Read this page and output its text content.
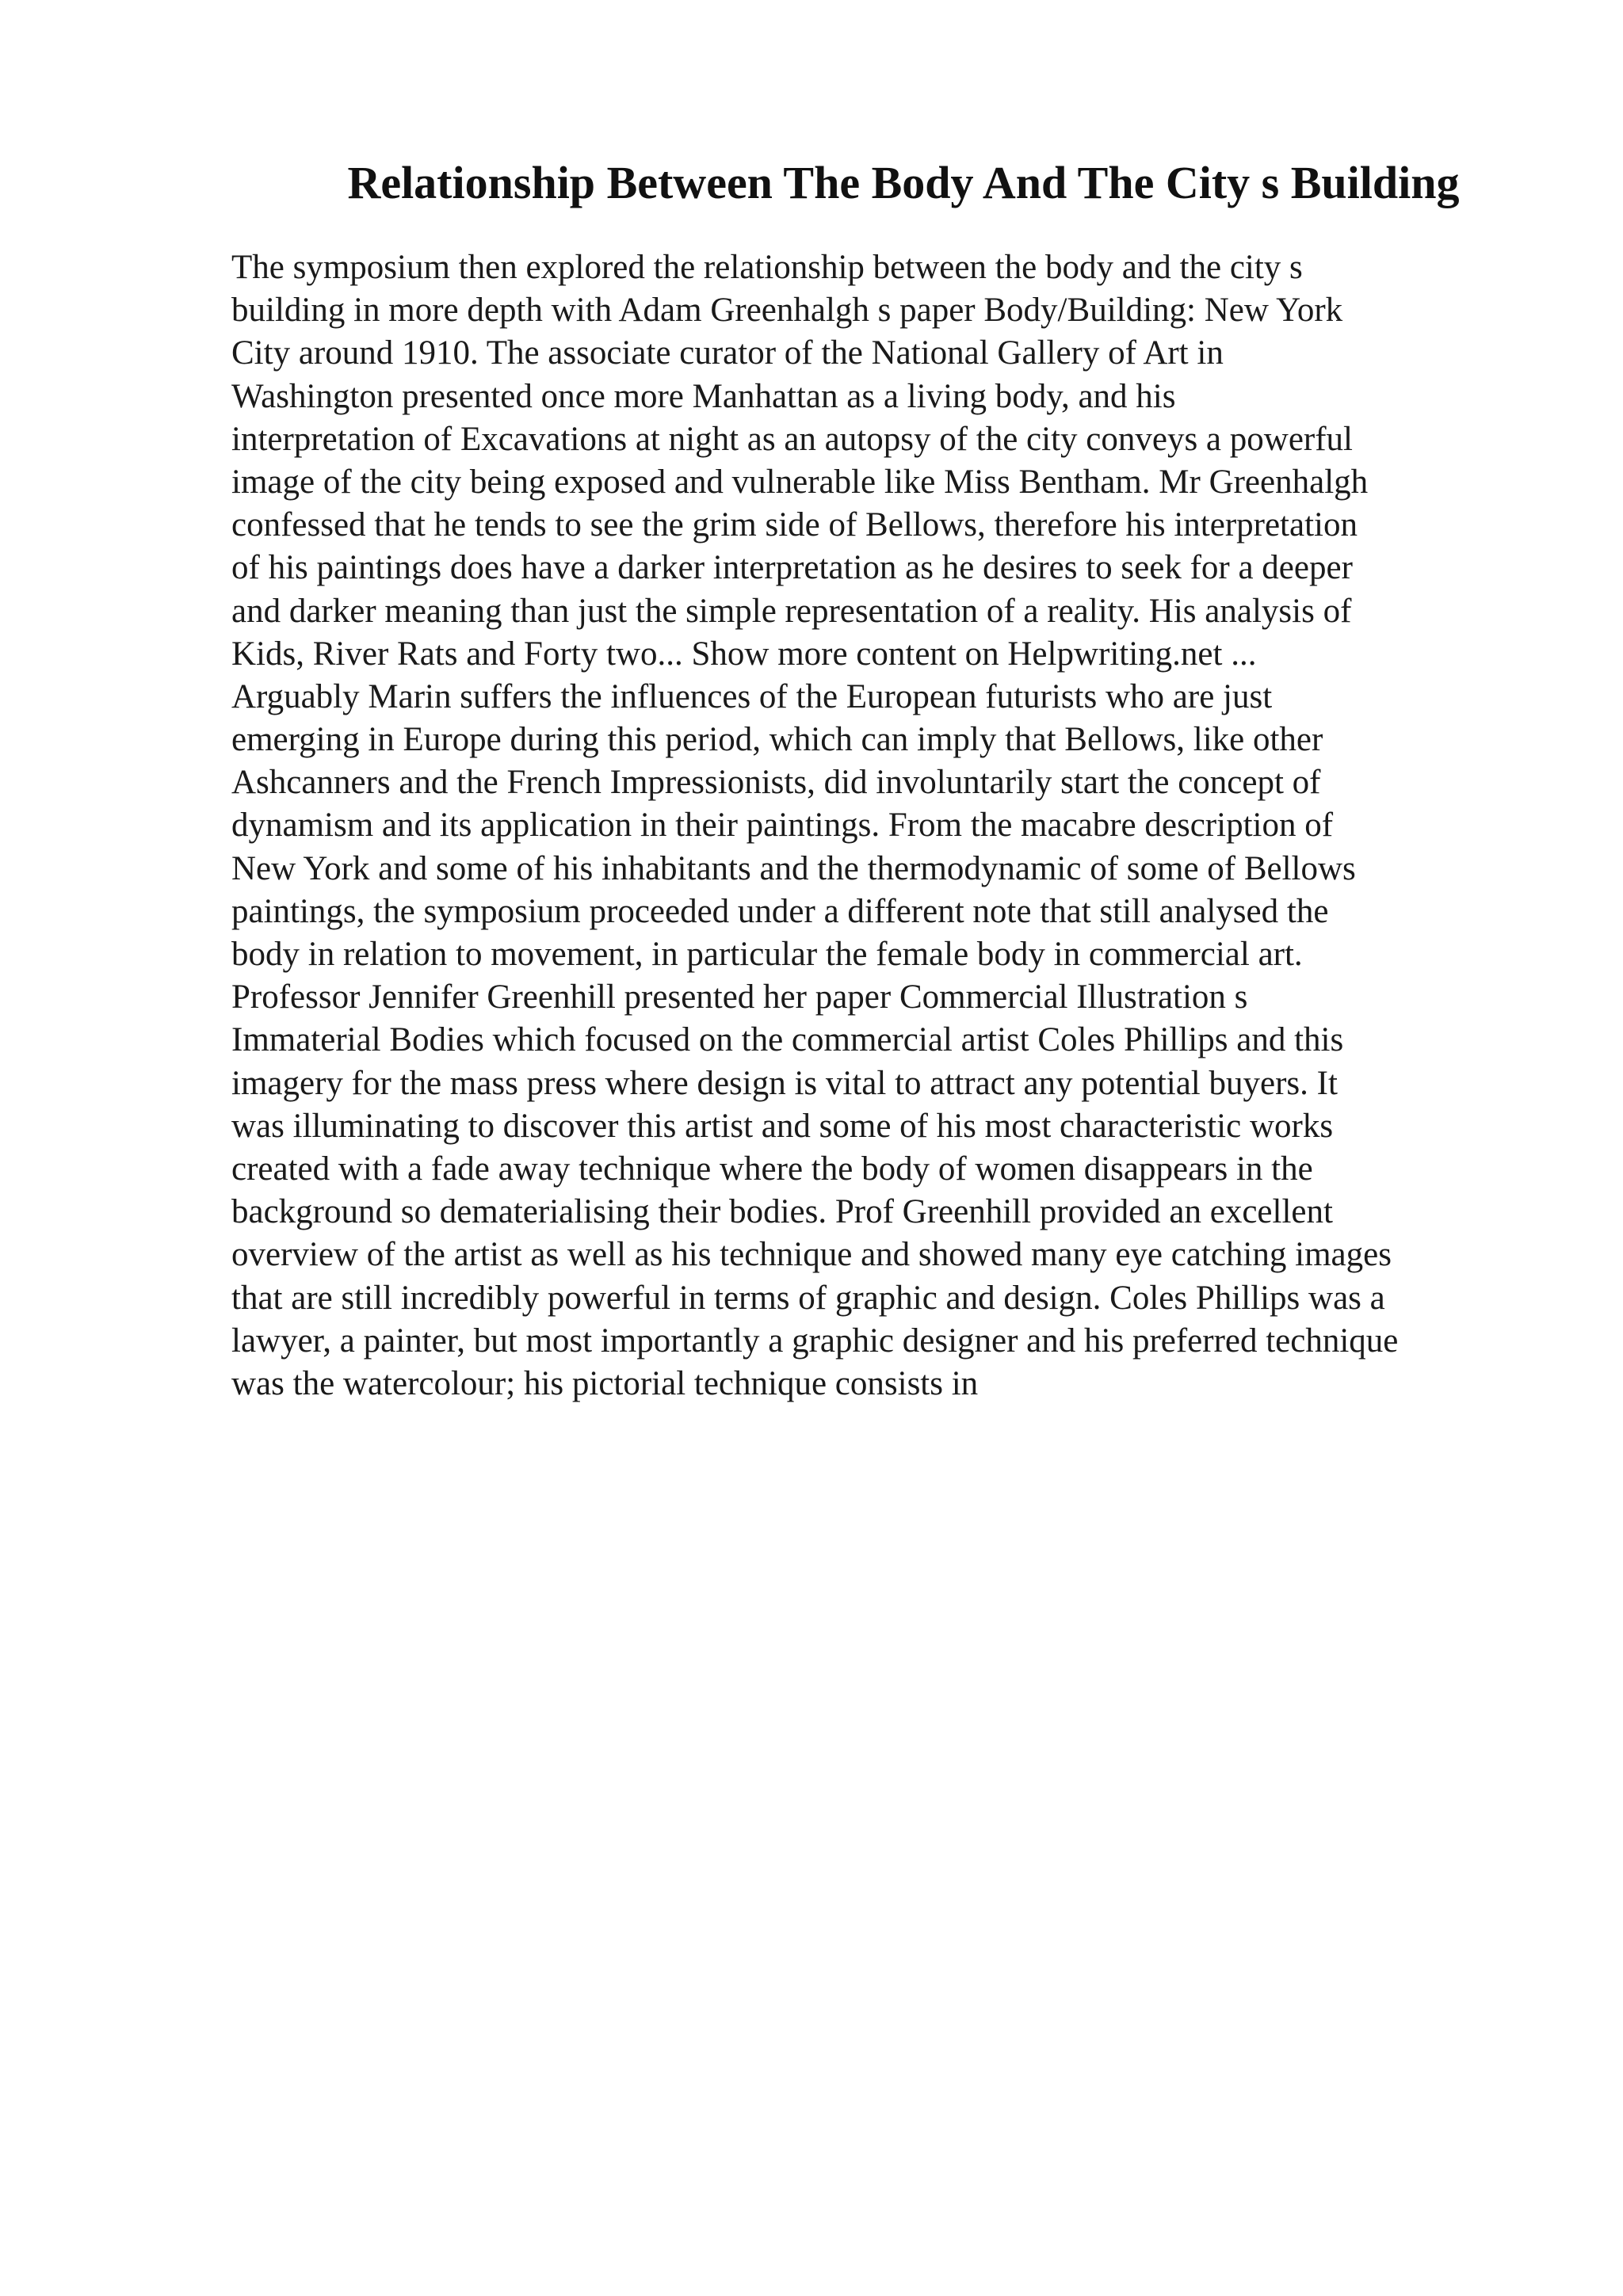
Relationship Between The Body And The City s Building
The symposium then explored the relationship between the body and the city s
building in more depth with Adam Greenhalgh s paper Body/Building: New York
City around 1910. The associate curator of the National Gallery of Art in
Washington presented once more Manhattan as a living body, and his
interpretation of Excavations at night as an autopsy of the city conveys a powerful
image of the city being exposed and vulnerable like Miss Bentham. Mr Greenhalgh
confessed that he tends to see the grim side of Bellows, therefore his interpretation
of his paintings does have a darker interpretation as he desires to seek for a deeper
and darker meaning than just the simple representation of a reality. His analysis of
Kids, River Rats and Forty two... Show more content on Helpwriting.net ...
Arguably Marin suffers the influences of the European futurists who are just
emerging in Europe during this period, which can imply that Bellows, like other
Ashcanners and the French Impressionists, did involuntarily start the concept of
dynamism and its application in their paintings. From the macabre description of
New York and some of his inhabitants and the thermodynamic of some of Bellows
paintings, the symposium proceeded under a different note that still analysed the
body in relation to movement, in particular the female body in commercial art.
Professor Jennifer Greenhill presented her paper Commercial Illustration s
Immaterial Bodies which focused on the commercial artist Coles Phillips and this
imagery for the mass press where design is vital to attract any potential buyers. It
was illuminating to discover this artist and some of his most characteristic works
created with a fade away technique where the body of women disappears in the
background so dematerialising their bodies. Prof Greenhill provided an excellent
overview of the artist as well as his technique and showed many eye catching images
that are still incredibly powerful in terms of graphic and design. Coles Phillips was a
lawyer, a painter, but most importantly a graphic designer and his preferred technique
was the watercolour; his pictorial technique consists in
